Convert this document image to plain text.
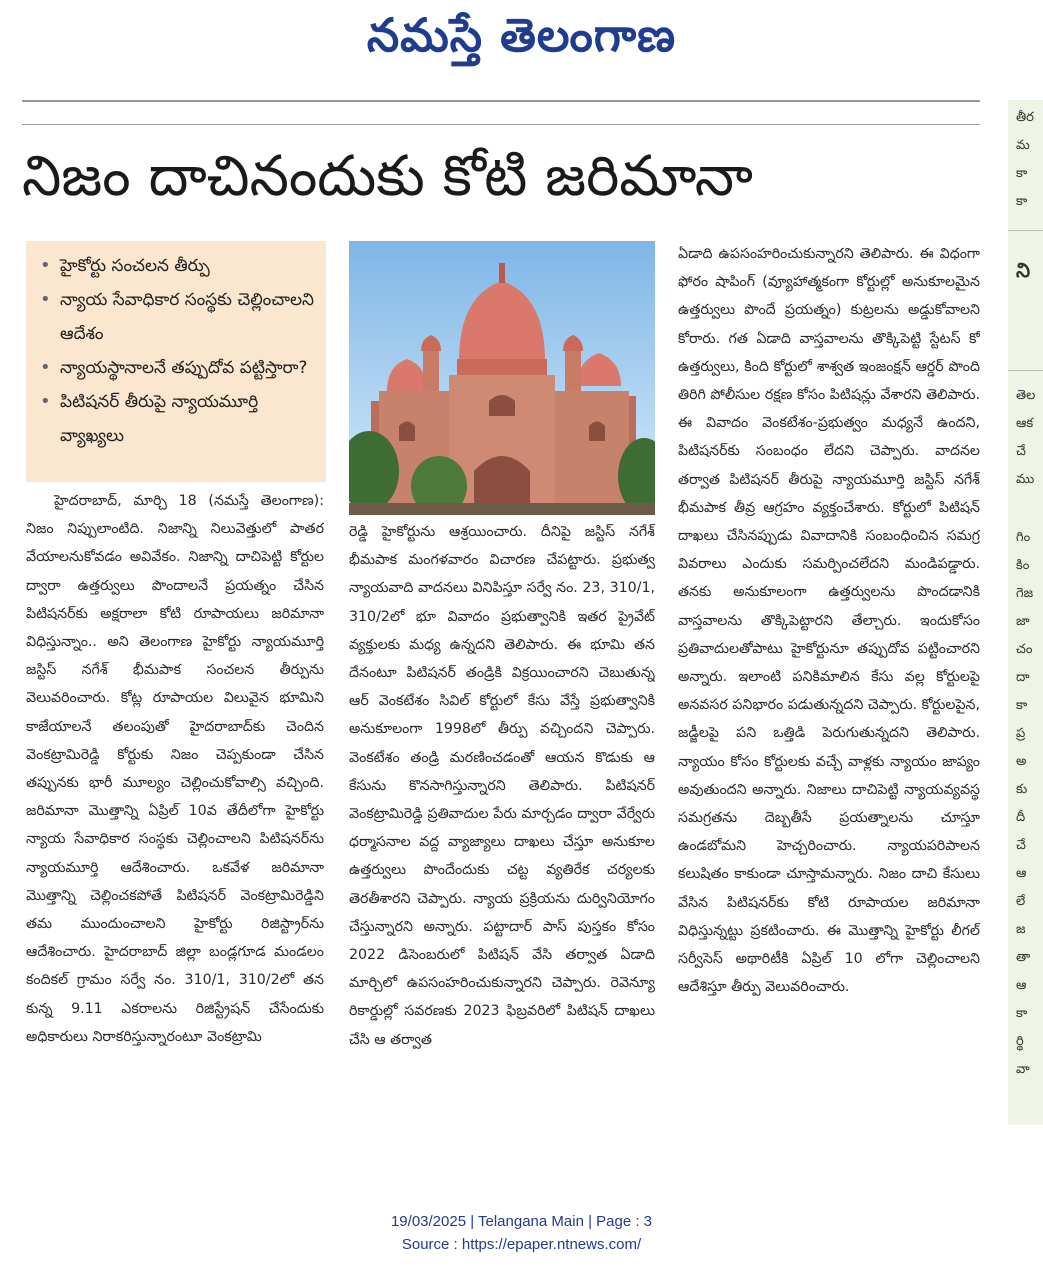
నమస్తే తెలంగాణ
నిజం దాచినందుకు కోటి జరిమానా
• హైకోర్టు సంచలన తీర్పు
• న్యాయ సేవాధికార సంస్థకు చెల్లించాలని ఆదేశం
• న్యాయస్థానాలనే తప్పుదోవ పట్టిస్తారా?
• పిటిషనర్ తీరుపై న్యాయమూర్తి వ్యాఖ్యలు

హైదరాబాద్, మార్చి 18 (నమస్తే తెలంగాణ): నిజం నిప్పులాంటిది. నిజాన్ని నిలువెత్తులో పాతర వేయాలనుకోవడం అవివేకం. నిజాన్ని దాచిపెట్టి కోర్టుల ద్వారా ఉత్తర్వులు పొందాలనే ప్రయత్నం చేసిన పిటిషనర్‌కు అక్షరాలా కోటి రూపాయలు జరిమానా విధిస్తున్నాం.. అని తెలంగాణ హైకోర్టు న్యాయమూర్తి జస్టిస్ నగేశ్ భీమపాక సంచలన తీర్పును వెలువరించారు. కోట్ల రూపాయల విలువైన భూమిని కాజేయాలనే తలంపుతో హైదరాబాద్‌కు చెందిన వెంకట్రామిరెడ్డి కోర్టుకు నిజం చెప్పకుండా చేసిన తప్పునకు భారీ మూల్యం చెల్లించుకోవాల్సి వచ్చింది. జరిమానా మొత్తాన్ని ఏప్రిల్ 10వ తేదీలోగా హైకోర్టు న్యాయ సేవాధికార సంస్థకు చెల్లించాలని పిటిషనర్‌ను న్యాయమూర్తి ఆదేశించారు. ఒకవేళ జరిమానా మొత్తాన్ని చెల్లించకపోతే పిటిషనర్ వెంకట్రామిరెడ్డిని తమ ముందుంచాలని హైకోర్టు రిజిస్ట్రార్‌ను ఆదేశించారు. హైదరాబాద్ జిల్లా బండ్లగూడ మండలం కందికల్ గ్రామం సర్వే నం. 310/1, 310/2లో తన కున్న 9.11 ఎకరాలను రిజిస్ట్రేషన్ చేసేందుకు అధికారులు నిరాకరిస్తున్నారంటూ వెంకట్రామి

రెడ్డి హైకోర్టును ఆశ్రయించారు. దీనిపై జస్టిస్ నగేశ్ భీమపాక మంగళవారం విచారణ చేపట్టారు. ప్రభుత్వ న్యాయవాది వాదనలు వినిపిస్తూ సర్వే నం. 23, 310/1, 310/2లో భూ వివాదం ప్రభుత్వానికి ఇతర ప్రైవేట్ వ్యక్తులకు మధ్య ఉన్నదని తెలిపారు. ఈ భూమి తన దేనంటూ పిటిషనర్ తండ్రికి విక్రయించారని చెబుతున్న ఆర్ వెంకటేశం సివిల్ కోర్టులో కేసు వేస్తే ప్రభుత్వానికి అనుకూలంగా 1998లో తీర్పు వచ్చిందని చెప్పారు. వెంకటేశం తండ్రి మరణించడంతో ఆయన కొడుకు ఆ కేసును కొనసాగిస్తున్నారని తెలిపారు. పిటిషనర్ వెంకట్రామిరెడ్డి ప్రతివాదుల పేరు మార్చడం ద్వారా వేర్వేరు ధర్మాసనాల వద్ద వ్యాజ్యాలు దాఖలు చేస్తూ అనుకూల ఉత్తర్వులు పొందేందుకు చట్ట వ్యతిరేక చర్యలకు తెరతీశారని చెప్పారు. న్యాయ ప్రక్రియను దుర్వినియోగం చేస్తున్నారని అన్నారు. పట్టాదార్ పాస్ పుస్తకం కోసం 2022 డిసెంబరులో పిటిషన్ వేసి తర్వాత ఏడాది మార్చిలో ఉపసంహరించుకున్నారని చెప్పారు. రెవెన్యూ రికార్డుల్లో సవరణకు 2023 ఫిబ్రవరిలో పిటిషన్ దాఖలు చేసి ఆ తర్వాత

ఏడాది ఉపసంహరించుకున్నారని తెలిపారు. ఈ విధంగా ఫోరం షాపింగ్ (వ్యూహాత్మకంగా కోర్టుల్లో అనుకూలమైన ఉత్తర్వులు పొందే ప్రయత్నం) కుట్రలను అడ్డుకోవాలని కోరారు. గత ఏడాది వాస్తవాలను తొక్కిపెట్టి స్టేటస్ కో ఉత్తర్వులు, కింది కోర్టులో శాశ్వత ఇంజంక్షన్ ఆర్డర్ పొంది తిరిగి పోలీసుల రక్షణ కోసం పిటిషన్లు వేశారని తెలిపారు. ఈ వివాదం వెంకటేశం-ప్రభుత్వం మధ్యనే ఉందని, పిటిషనర్‌కు సంబంధం లేదని చెప్పారు. వాదనల తర్వాత పిటిషనర్ తీరుపై న్యాయమూర్తి జస్టిస్ నగేశ్ భీమపాక తీవ్ర ఆగ్రహం వ్యక్తంచేశారు. కోర్టులో పిటిషన్ దాఖలు చేసినప్పుడు వివాదానికి సంబంధించిన సమగ్ర వివరాలు ఎందుకు సమర్పించలేదని మండిపడ్డారు. తనకు అనుకూలంగా ఉత్తర్వులను పొందడానికి వాస్తవాలను తొక్కిపెట్టారని తేల్చారు. ఇందుకోసం ప్రతివాదులతోపాటు హైకోర్టునూ తప్పుదోవ పట్టించారని అన్నారు. ఇలాంటి పనికిమాలిన కేసు వల్ల కోర్టులపై అనవసర పనిభారం పడుతున్నదని చెప్పారు. కోర్టులపైన, జడ్జీలపై పని ఒత్తిడి పెరుగుతున్నదని తెలిపారు. న్యాయం కోసం కోర్టులకు వచ్చే వాళ్లకు న్యాయం జాప్యం అవుతుందని అన్నారు. నిజాలు దాచిపెట్టి న్యాయవ్యవస్థ సమగ్రతను దెబ్బతీసే ప్రయత్నాలను చూస్తూ ఉండబోమని హెచ్చరించారు. న్యాయపరిపాలన కలుషితం కాకుండా చూస్తామన్నారు. నిజం దాచి కేసులు వేసిన పిటిషనర్‌కు కోటి రూపాయల జరిమానా విధిస్తున్నట్టు ప్రకటించారు. ఈ మొత్తాన్ని హైకోర్టు లీగల్ సర్వీసెస్ అథారిటీకి ఏప్రిల్ 10 లోగా చెల్లించాలని ఆదేశిస్తూ తీర్పు వెలువరించారు.

తీర
మ
కా
కా
ని
తెల
ఆక
చే
ము
గిం
కిం
గెజ
జా
చం
దా
కా
ప్ర
అ
కు
దీ
చే
ఆ
లే
జ
తా
ఆ
కా
ర్థి
వా
19/03/2025 | Telangana Main | Page : 3
Source : https://epaper.ntnews.com/
